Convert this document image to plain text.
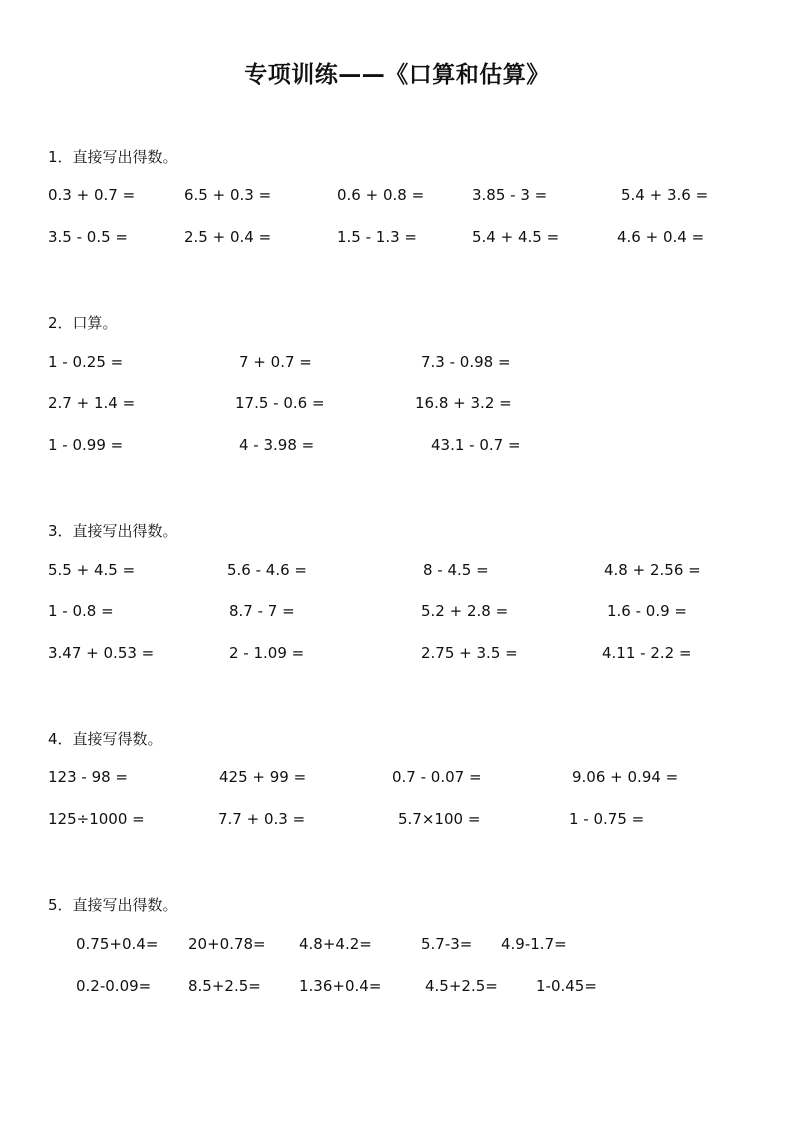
专项训练——《口算和估算》
1．直接写出得数。
0.3 + 0.7 =	6.5 + 0.3 =	0.6 + 0.8 =	3.85 - 3 =	5.4 + 3.6 =
3.5 - 0.5 =	2.5 + 0.4 =	1.5 - 1.3 =	5.4 + 4.5 =	4.6 + 0.4 =
2．口算。
1 - 0.25 =	7 + 0.7 =	7.3 - 0.98 =
2.7 + 1.4 =	17.5 - 0.6 =	16.8 + 3.2 =
1 - 0.99 =	4 - 3.98 =	43.1 - 0.7 =
3．直接写出得数。
5.5 + 4.5 =	5.6 - 4.6 =	8 - 4.5 =	4.8 + 2.56 =
1 - 0.8 =	8.7 - 7 =	5.2 + 2.8 =	1.6 - 0.9 =
3.47 + 0.53 =	2 - 1.09 =	2.75 + 3.5 =	4.11 - 2.2 =
4．直接写得数。
123 - 98 =	425 + 99 =	0.7 - 0.07 =	9.06 + 0.94 =
125÷1000 =	7.7 + 0.3 =	5.7×100 =	1 - 0.75 =
5．直接写出得数。
0.75+0.4= 20+0.78= 4.8+4.2=	5.7-3= 4.9-1.7=
0.2-0.09= 8.5+2.5=	1.36+0.4=	4.5+2.5=	1-0.45=
